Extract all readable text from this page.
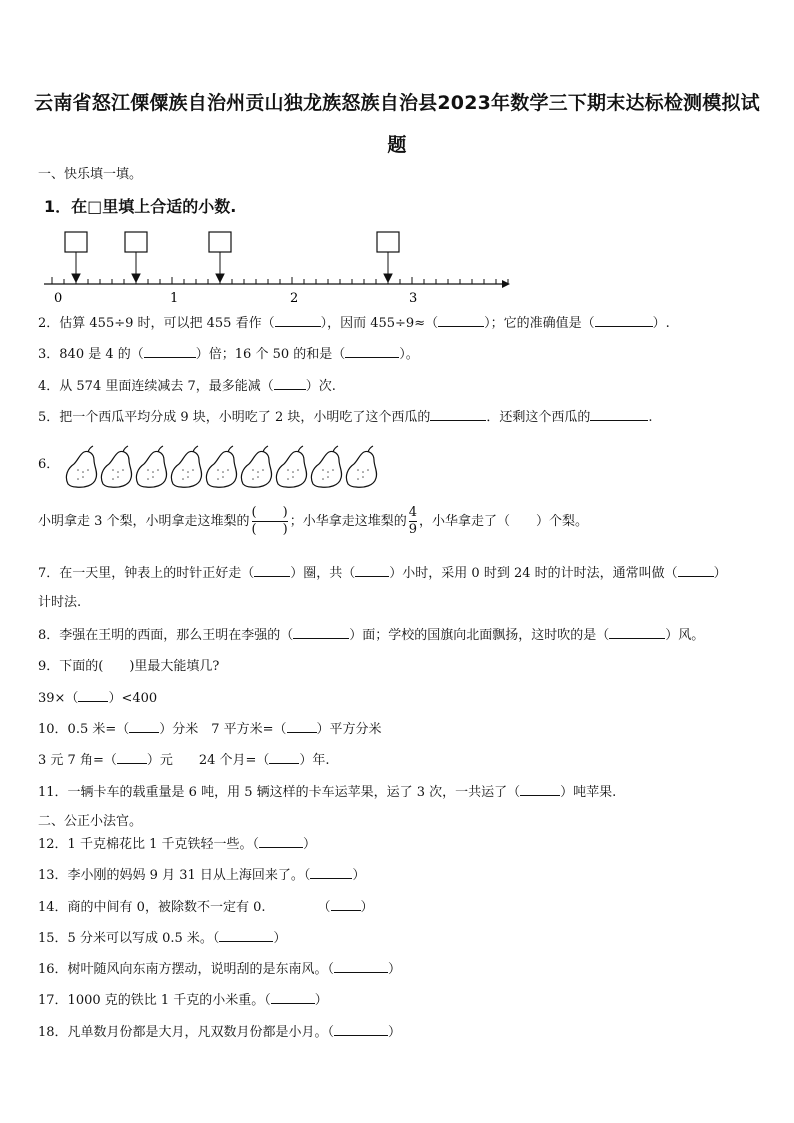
云南省怒江傈僳族自治州贡山独龙族怒族自治县2023年数学三下期末达标检测模拟试
题
一、快乐填一填。
1．在□里填上合适的小数.
0	1	2	3
2．估算 455÷9 时，可以把 455 看作（	），因而 455÷9≈（	）；它的准确值是（	）.
3．840 是 4 的（	）倍；16 个 50 的和是（	）。
4．从 574 里面连续减去 7，最多能减（ ）次.
5．把一个西瓜平均分成 9 块，小明吃了 2 块，小明吃了这个西瓜的	．还剩这个西瓜的	.
6．
小明拿走 3 个梨，小明拿走这堆梨的 $\frac{( )}{( )}$ ；小华拿走这堆梨的 $\frac{4}{9}$ ，小华拿走了（　　）个梨。
7．在一天里，钟表上的时针正好走（	）圈，共（	）小时，采用 0 时到 24 时的计时法，通常叫做（	）
计时法.
8．李强在王明的西面，那么王明在李强的（	）面；学校的国旗向北面飘扬，这时吹的是（	）风。
9．下面的(　　)里最大能填几?
39×（ ）<400
10．0.5 米=（ ）分米　7 平方米=（ ）平方分米
3 元 7 角=（ ）元　　24 个月=（ ）年.
11．一辆卡车的载重量是 6 吨，用 5 辆这样的卡车运苹果，运了 3 次，一共运了（	）吨苹果.
二、公正小法官。
12．1 千克棉花比 1 千克铁轻一些。（	）
13．李小刚的妈妈 9 月 31 日从上海回来了。（	）
14．商的中间有 0，被除数不一定有 0.	（ ）
15．5 分米可以写成 0.5 米。（	）
16．树叶随风向东南方摆动，说明刮的是东南风。（	）
17．1000 克的铁比 1 千克的小米重。（	）
18．凡单数月份都是大月，凡双数月份都是小月。（	）
